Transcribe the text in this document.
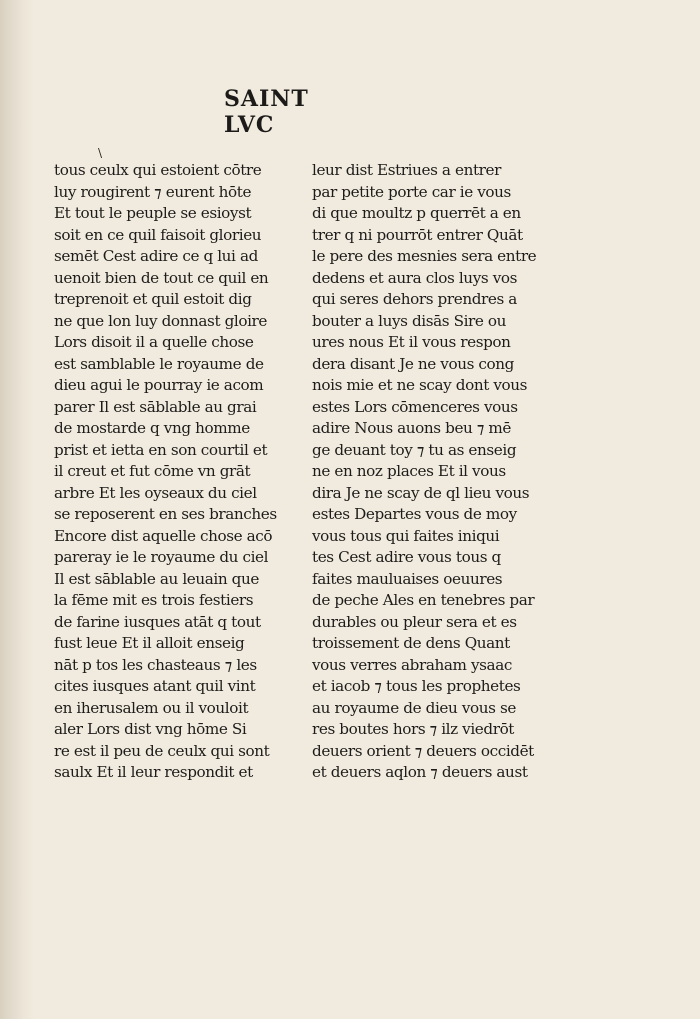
SAINT LVC
\
tous ceulx qui estoient cōtre
luy rougirent ⁊ eurent hōte
Et tout le peuple se esioyst
soit en ce quil faisoit glorieu
semēt Cest adire ce q lui ad
uenoit bien de tout ce quil en
treprenoit et quil estoit dig
ne que lon luy donnast gloire
Lors disoit il a quelle chose
est samblable le royaume de
dieu agui le pourray ie acom
parer Il est sāblable au grai
de mostarde q vng homme
prist et ietta en son courtil et
il creut et fut cōme vn grāt
arbre Et les oyseaux du ciel
se reposerent en ses branches
Encore dist aquelle chose acō
pareray ie le royaume du ciel
Il est sāblable au leuain que
la fēme mit es trois festiers
de farine iusques atāt q tout
fust leue Et il alloit enseig
nāt p tos les chasteaus ⁊ les
cites iusques atant quil vint
en iherusalem ou il vouloit
aler Lors dist vng hōme Si
re est il peu de ceulx qui sont
saulx Et il leur respondit et
leur dist Estriues a entrer
par petite porte car ie vous
di que moultz p querrēt a en
trer q ni pourrōt entrer Quāt
le pere des mesnies sera entre
dedens et aura clos luys vos
qui seres dehors prendres a
bouter a luys disās Sire ou
ures nous Et il vous respon
dera disant Je ne vous cong
nois mie et ne scay dont vous
estes Lors cōmenceres vous
adire Nous auons beu ⁊ mē
ge deuant toy ⁊ tu as enseig
ne en noz places Et il vous
dira Je ne scay de ql lieu vous
estes Departes vous de moy
vous tous qui faites iniqui
tes Cest adire vous tous q
faites mauluaises oeuures
de peche Ales en tenebres par
durables ou pleur sera et es
troissement de dens Quant
vous verres abraham ysaac
et iacob ⁊ tous les prophetes
au royaume de dieu vous se
res boutes hors ⁊ ilz viedrōt
deuers orient ⁊ deuers occidēt
et deuers aqlon ⁊ deuers aust
